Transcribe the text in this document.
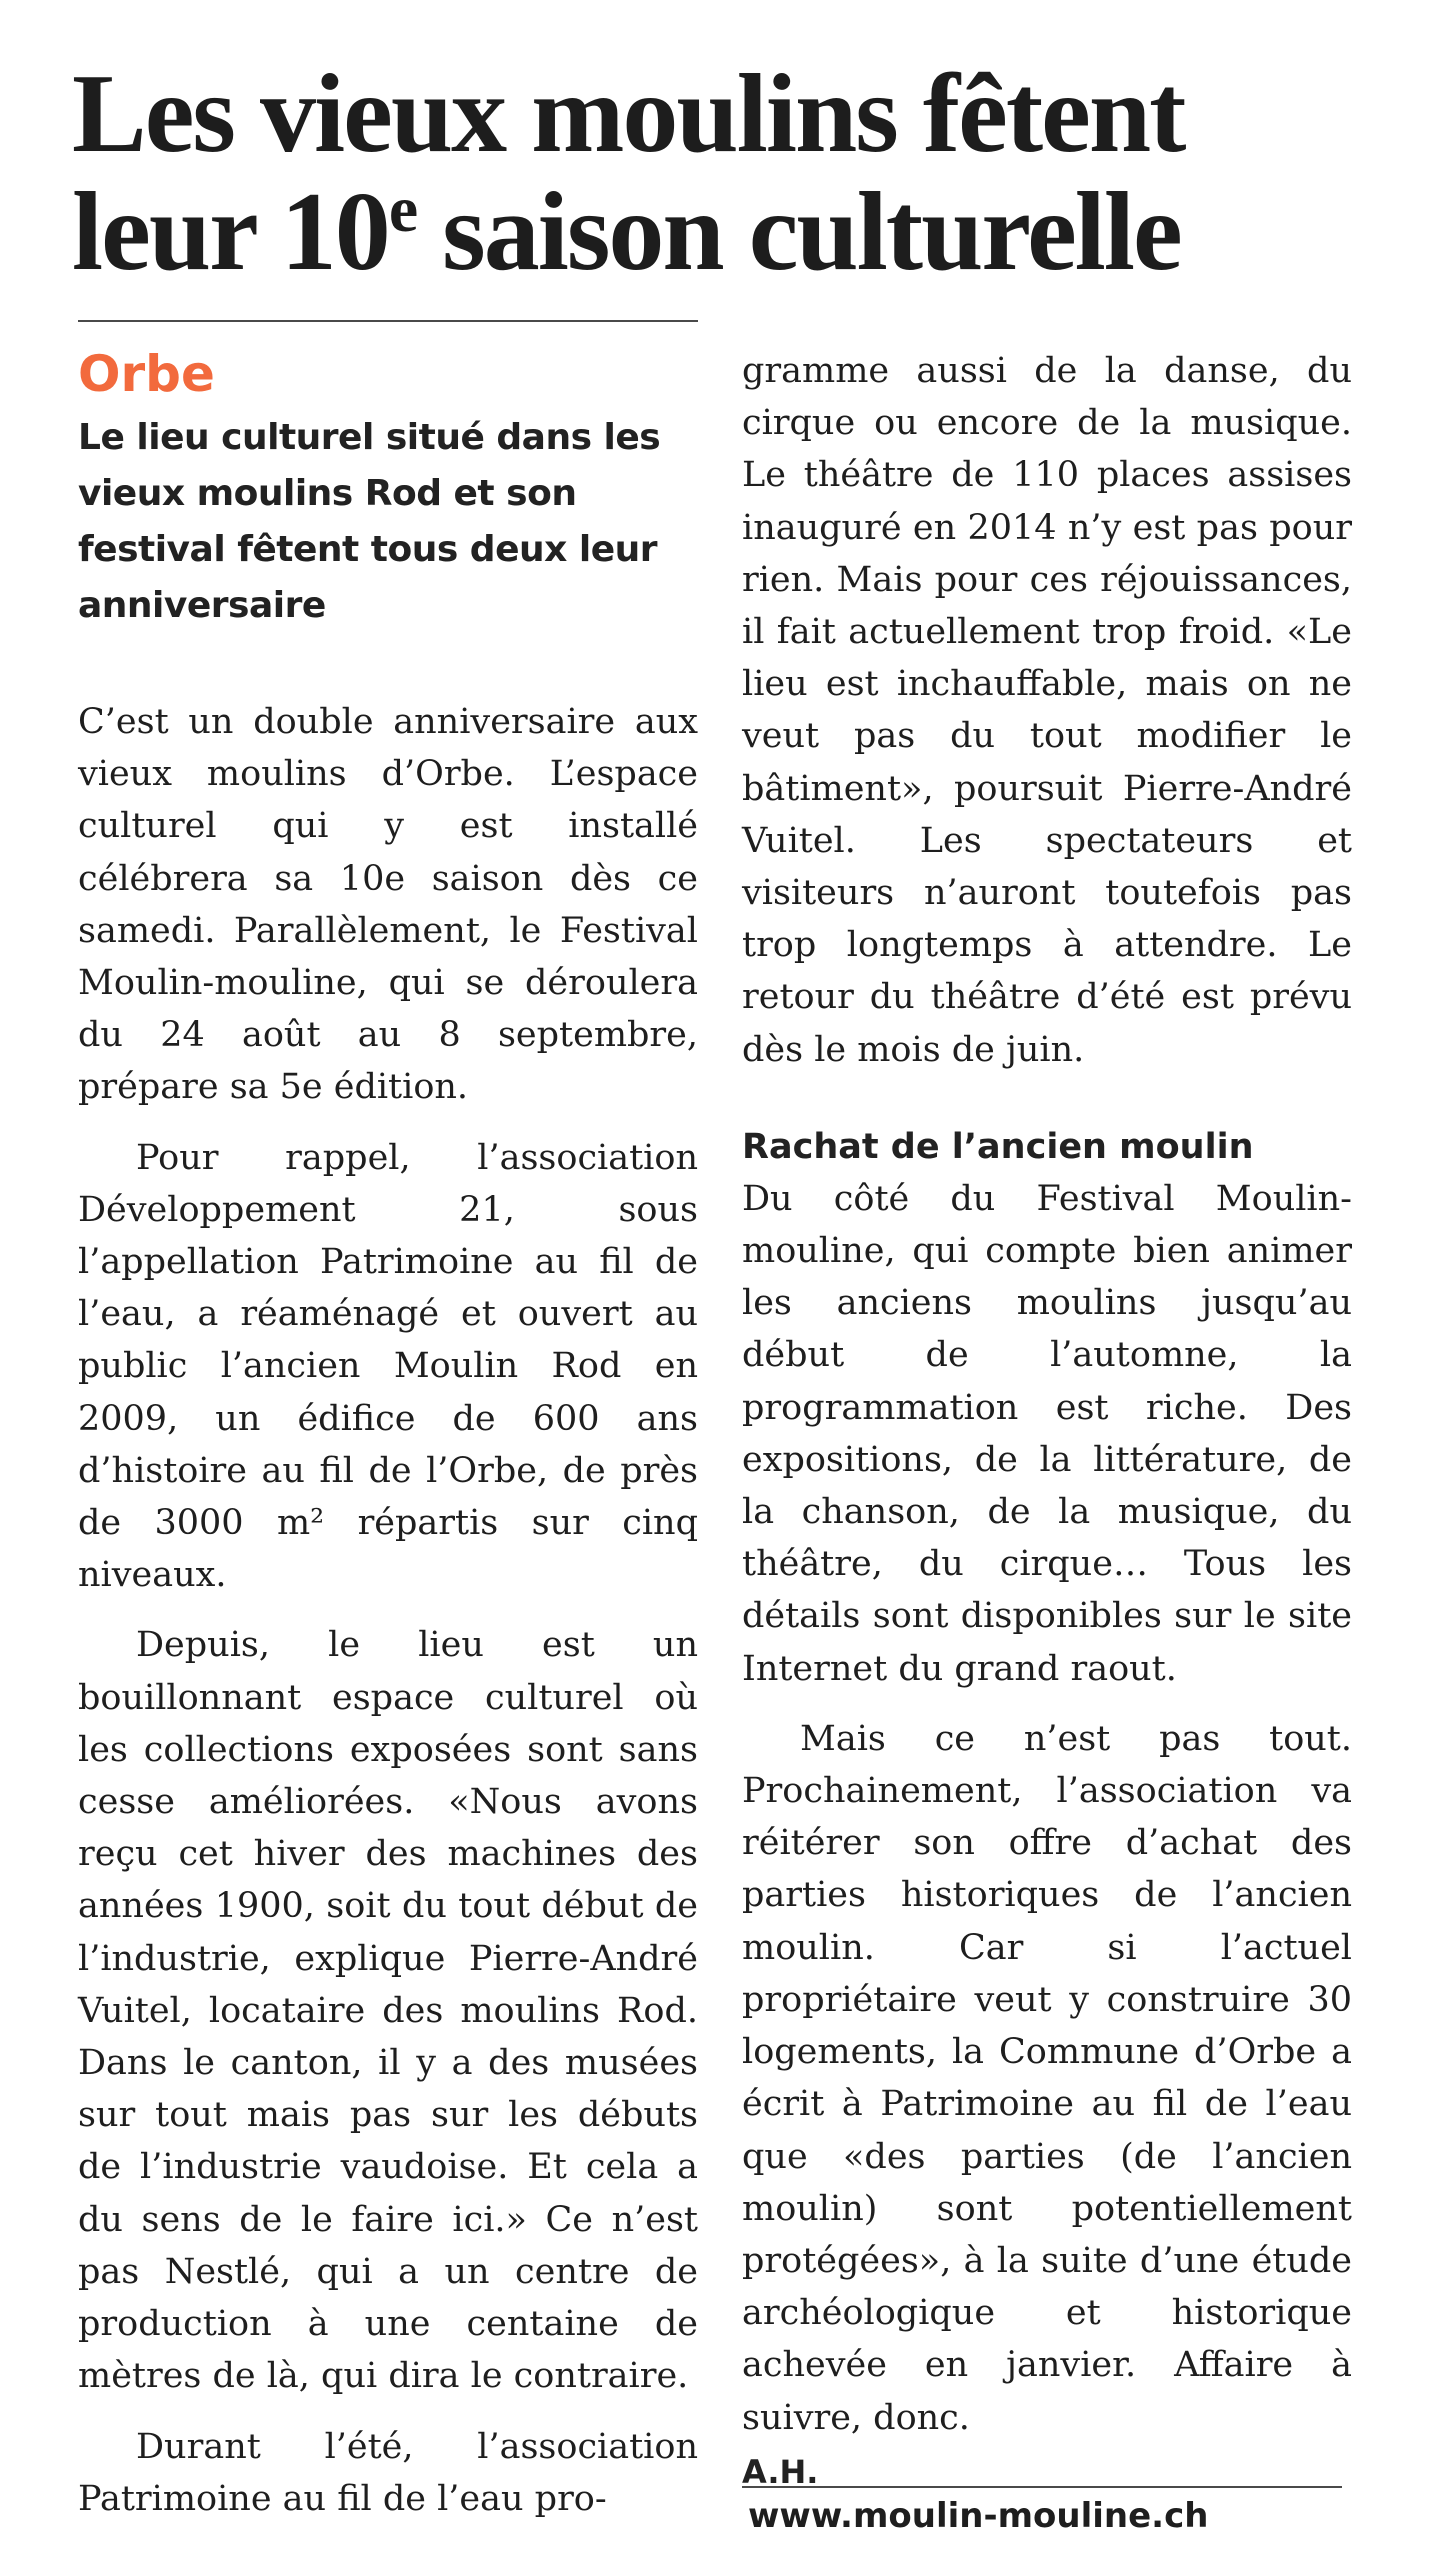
Les vieux moulins fêtent
leur 10e saison culturelle
Orbe
Le lieu culturel situé dans les vieux moulins Rod et son festival fêtent tous deux leur anniversaire

C’est un double anniversaire aux vieux moulins d’Orbe. L’espace culturel qui y est installé célébrera sa 10e saison dès ce samedi. Parallèlement, le Festival Moulin-mouline, qui se déroulera du 24 août au 8 septembre, prépare sa 5e édition.

Pour rappel, l’association Développement 21, sous l’appellation Patrimoine au fil de l’eau, a réaménagé et ouvert au public l’ancien Moulin Rod en 2009, un édifice de 600 ans d’histoire au fil de l’Orbe, de près de 3000 m² répartis sur cinq niveaux.

Depuis, le lieu est un bouillonnant espace culturel où les collections exposées sont sans cesse améliorées. «Nous avons reçu cet hiver des machines des années 1900, soit du tout début de l’industrie, explique Pierre-André Vuitel, locataire des moulins Rod. Dans le canton, il y a des musées sur tout mais pas sur les débuts de l’industrie vaudoise. Et cela a du sens de le faire ici.» Ce n’est pas Nestlé, qui a un centre de production à une centaine de mètres de là, qui dira le contraire.

Durant l’été, l’association Patrimoine au fil de l’eau pro-

gramme aussi de la danse, du cirque ou encore de la musique. Le théâtre de 110 places assises inauguré en 2014 n’y est pas pour rien. Mais pour ces réjouissances, il fait actuellement trop froid. «Le lieu est inchauffable, mais on ne veut pas du tout modifier le bâtiment», poursuit Pierre-André Vuitel. Les spectateurs et visiteurs n’auront toutefois pas trop longtemps à attendre. Le retour du théâtre d’été est prévu dès le mois de juin.

Rachat de l’ancien moulin

Du côté du Festival Moulin-mouline, qui compte bien animer les anciens moulins jusqu’au début de l’automne, la programmation est riche. Des expositions, de la littérature, de la chanson, de la musique, du théâtre, du cirque… Tous les détails sont disponibles sur le site Internet du grand raout.

Mais ce n’est pas tout. Prochainement, l’association va réitérer son offre d’achat des parties historiques de l’ancien moulin. Car si l’actuel propriétaire veut y construire 30 logements, la Commune d’Orbe a écrit à Patrimoine au fil de l’eau que «des parties (de l’ancien moulin) sont potentiellement protégées», à la suite d’une étude archéologique et historique achevée en janvier. Affaire à suivre, donc.

A.H.
www.moulin-mouline.ch
